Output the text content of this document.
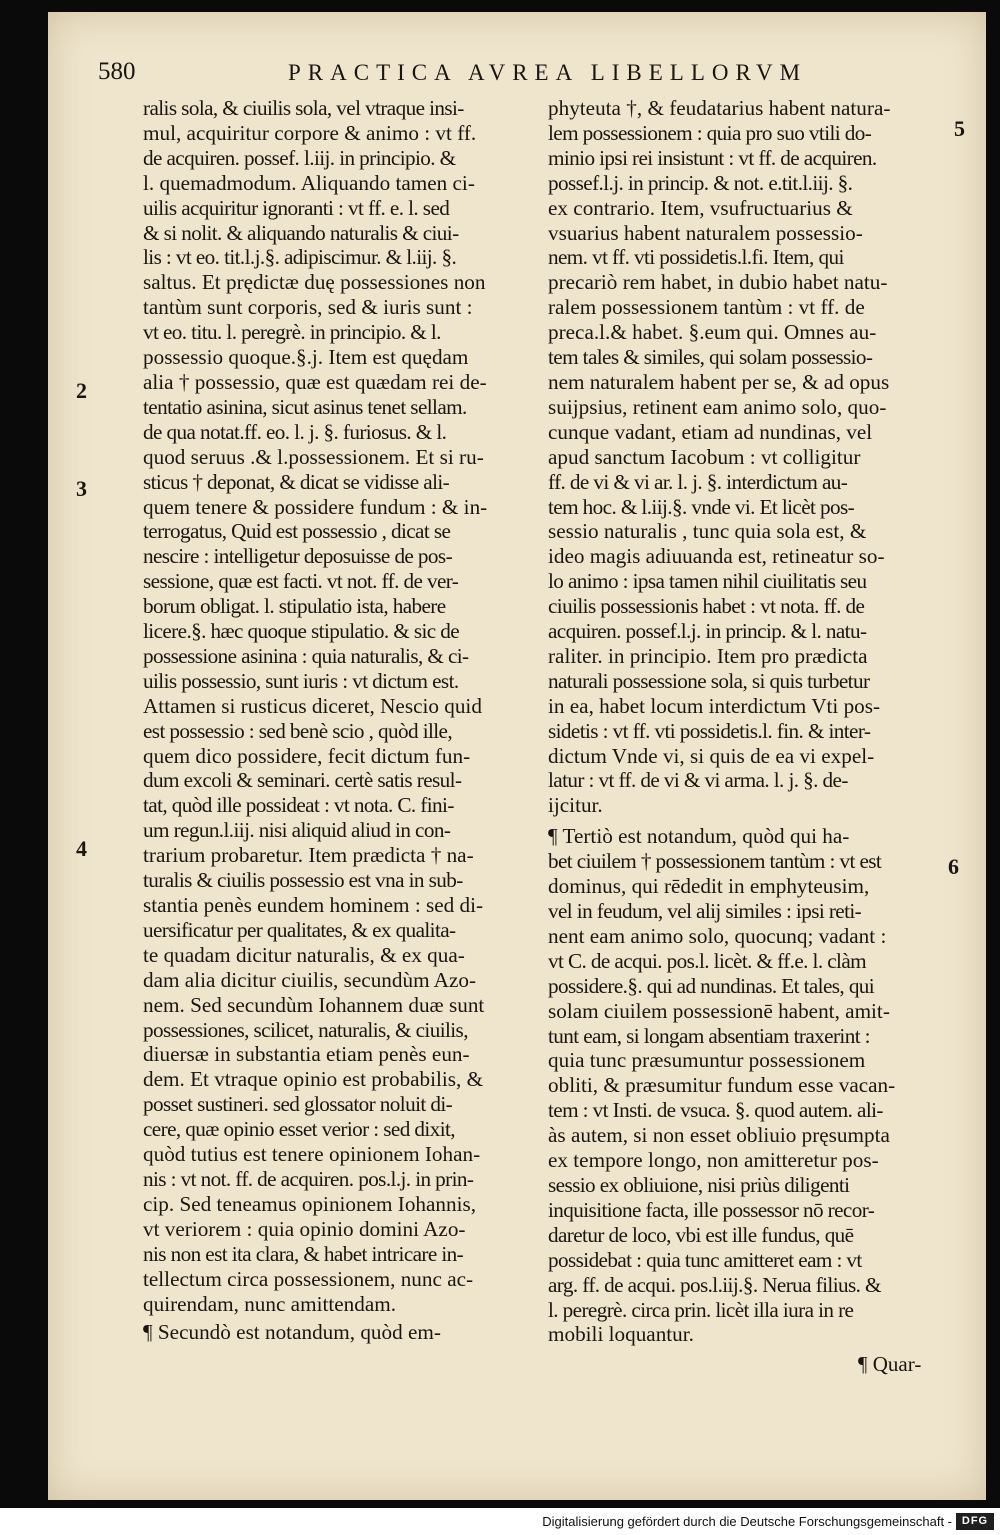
580	PRACTICA AVREA LIBELLORVM
2
3
4
5
6
ralis sola, & ciuilis sola, vel vtraque insi-
mul, acquiritur corpore & animo : vt ff.
de acquiren. possef. l.iij. in principio. &
l. quemadmodum. Aliquando tamen ci-
uilis acquiritur ignoranti : vt ff. e. l. sed
& si nolit. & aliquando naturalis & ciui-
lis : vt eo. tit.l.j.§. adipiscimur. & l.iij. §.
saltus. Et prędictæ duę possessiones non
tantùm sunt corporis, sed & iuris sunt :
vt eo. titu. l. peregrè. in principio. & l.
possessio quoque.§.j. Item est quędam
alia † possessio, quæ est quædam rei de-
tentatio asinina, sicut asinus tenet sellam.
de qua notat.ff. eo. l. j. §. furiosus. & l.
quod seruus .& l.possessionem. Et si ru-
sticus † deponat, & dicat se vidisse ali-
quem tenere & possidere fundum : & in-
terrogatus, Quid est possessio , dicat se
nescire : intelligetur deposuisse de pos-
sessione, quæ est facti. vt not. ff. de ver-
borum obligat. l. stipulatio ista, habere
licere.§. hæc quoque stipulatio. & sic de
possessione asinina : quia naturalis, & ci-
uilis possessio, sunt iuris : vt dictum est.
Attamen si rusticus diceret, Nescio quid
est possessio : sed benè scio , quòd ille,
quem dico possidere, fecit dictum fun-
dum excoli & seminari. certè satis resul-
tat, quòd ille possideat : vt nota. C. fini-
um regun.l.iij. nisi aliquid aliud in con-
trarium probaretur. Item prædicta † na-
turalis & ciuilis possessio est vna in sub-
stantia penès eundem hominem : sed di-
uersificatur per qualitates, & ex qualita-
te quadam dicitur naturalis, & ex qua-
dam alia dicitur ciuilis, secundùm Azo-
nem. Sed secundùm Iohannem duæ sunt
possessiones, scilicet, naturalis, & ciuilis,
diuersæ in substantia etiam penès eun-
dem. Et vtraque opinio est probabilis, &
posset sustineri. sed glossator noluit di-
cere, quæ opinio esset verior : sed dixit,
quòd tutius est tenere opinionem Iohan-
nis : vt not. ff. de acquiren. pos.l.j. in prin-
cip. Sed teneamus opinionem Iohannis,
vt veriorem : quia opinio domini Azo-
nis non est ita clara, & habet intricare in-
tellectum circa possessionem, nunc ac-
quirendam, nunc amittendam.
¶ Secundò est notandum, quòd em-
phyteuta †, & feudatarius habent natura-
lem possessionem : quia pro suo vtili do-
minio ipsi rei insistunt : vt ff. de acquiren.
possef.l.j. in princip. & not. e.tit.l.iij. §.
ex contrario. Item, vsufructuarius &
vsuarius habent naturalem possessio-
nem. vt ff. vti possidetis.l.fi. Item, qui
precariò rem habet, in dubio habet natu-
ralem possessionem tantùm : vt ff. de
preca.l.& habet. §.eum qui. Omnes au-
tem tales & similes, qui solam possessio-
nem naturalem habent per se, & ad opus
suijpsius, retinent eam animo solo, quo-
cunque vadant, etiam ad nundinas, vel
apud sanctum Iacobum : vt colligitur
ff. de vi & vi ar. l. j. §. interdictum au-
tem hoc. & l.iij.§. vnde vi. Et licèt pos-
sessio naturalis , tunc quia sola est, &
ideo magis adiuuanda est, retineatur so-
lo animo : ipsa tamen nihil ciuilitatis seu
ciuilis possessionis habet : vt nota. ff. de
acquiren. possef.l.j. in princip. & l. natu-
raliter. in principio. Item pro prædicta
naturali possessione sola, si quis turbetur
in ea, habet locum interdictum Vti pos-
sidetis : vt ff. vti possidetis.l. fin. & inter-
dictum Vnde vi, si quis de ea vi expel-
latur : vt ff. de vi & vi arma. l. j. §. de-
ijcitur.
¶ Tertiò est notandum, quòd qui ha-
bet ciuilem † possessionem tantùm : vt est
dominus, qui rēdedit in emphyteusim,
vel in feudum, vel alij similes : ipsi reti-
nent eam animo solo, quocunq; vadant :
vt C. de acqui. pos.l. licèt. & ff.e. l. clàm
possidere.§. qui ad nundinas. Et tales, qui
solam ciuilem possessionē habent, amit-
tunt eam, si longam absentiam traxerint :
quia tunc præsumuntur possessionem
obliti, & præsumitur fundum esse vacan-
tem : vt Insti. de vsuca. §. quod autem. ali-
às autem, si non esset obliuio pręsumpta
ex tempore longo, non amitteretur pos-
sessio ex obliuione, nisi priùs diligenti
inquisitione facta, ille possessor nō recor-
daretur de loco, vbi est ille fundus, quē
possidebat : quia tunc amitteret eam : vt
arg. ff. de acqui. pos.l.iij.§. Nerua filius. &
l. peregrè. circa prin. licèt illa iura in re
mobili loquantur.
¶ Quar-
Digitalisierung gefördert durch die Deutsche Forschungsgemeinschaft - DFG
